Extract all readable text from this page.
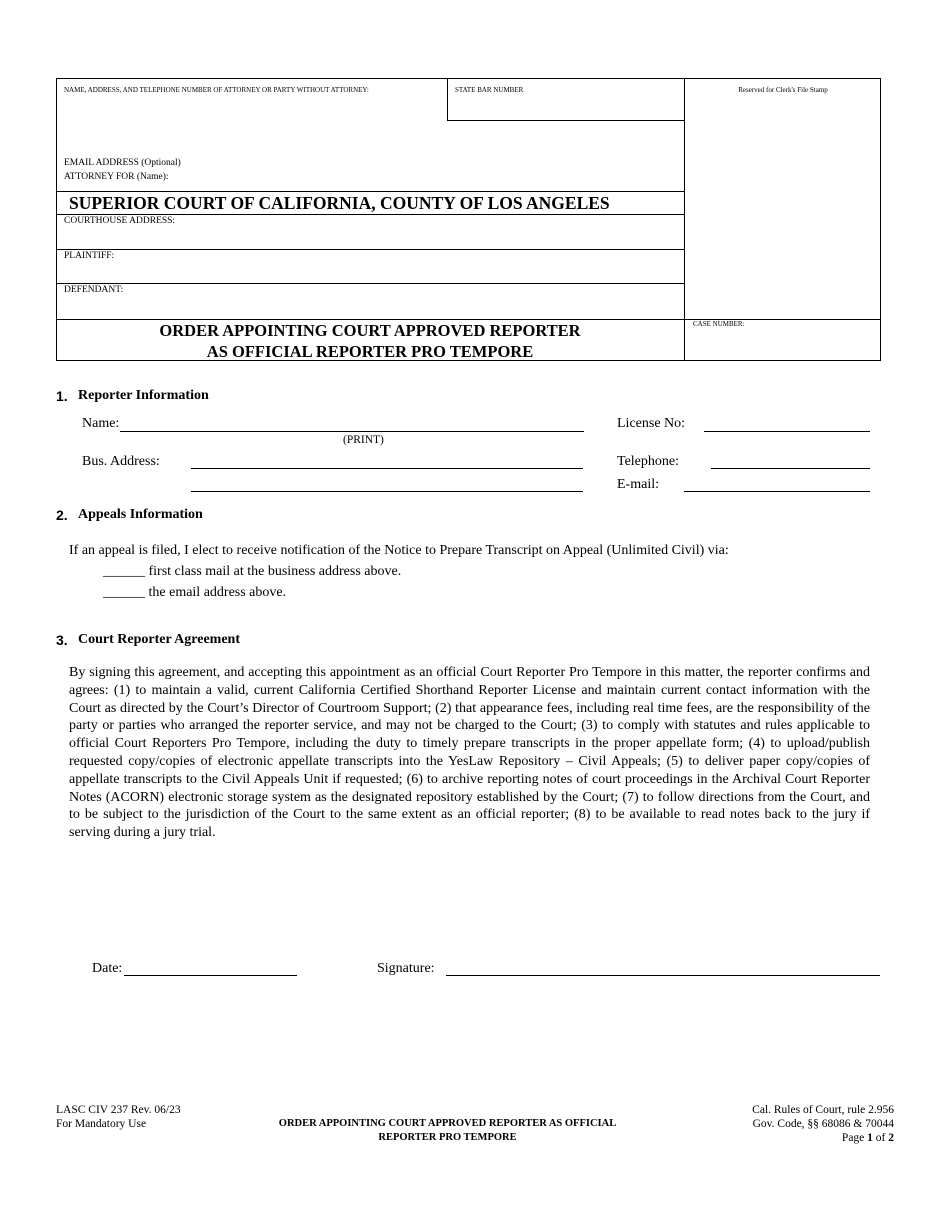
NAME, ADDRESS, AND TELEPHONE NUMBER OF ATTORNEY OR PARTY WITHOUT ATTORNEY:	STATE BAR NUMBER	Reserved for Clerk's File Stamp
EMAIL ADDRESS (Optional)
ATTORNEY FOR (Name):
SUPERIOR COURT OF CALIFORNIA, COUNTY OF LOS ANGELES
COURTHOUSE ADDRESS:
PLAINTIFF:
DEFENDANT:
ORDER APPOINTING COURT APPROVED REPORTER
AS OFFICIAL REPORTER PRO TEMPORE
CASE NUMBER:
1. Reporter Information
Name:
(PRINT)
License No:
Bus. Address:	Telephone:
E-mail:
2. Appeals Information
If an appeal is filed, I elect to receive notification of the Notice to Prepare Transcript on Appeal (Unlimited Civil) via:
______ first class mail at the business address above.
______ the email address above.
3. Court Reporter Agreement
By signing this agreement, and accepting this appointment as an official Court Reporter Pro Tempore in this matter, the reporter confirms and agrees: (1) to maintain a valid, current California Certified Shorthand Reporter License and maintain current contact information with the Court as directed by the Court’s Director of Courtroom Support; (2) that appearance fees, including real time fees, are the responsibility of the party or parties who arranged the reporter service, and may not be charged to the Court; (3) to comply with statutes and rules applicable to official Court Reporters Pro Tempore, including the duty to timely prepare transcripts in the proper appellate form; (4) to upload/publish requested copy/copies of electronic appellate transcripts into the YesLaw Repository – Civil Appeals; (5) to deliver paper copy/copies of appellate transcripts to the Civil Appeals Unit if requested; (6) to archive reporting notes of court proceedings in the Archival Court Reporter Notes (ACORN) electronic storage system as the designated repository established by the Court; (7) to follow directions from the Court, and to be subject to the jurisdiction of the Court to the same extent as an official reporter; (8) to be available to read notes back to the jury if serving during a jury trial.
Date:	Signature:
LASC CIV 237 Rev. 06/23
For Mandatory Use	ORDER APPOINTING COURT APPROVED REPORTER AS OFFICIAL
REPORTER PRO TEMPORE
Cal. Rules of Court, rule 2.956
Gov. Code, §§ 68086 & 70044
Page 1 of 2
